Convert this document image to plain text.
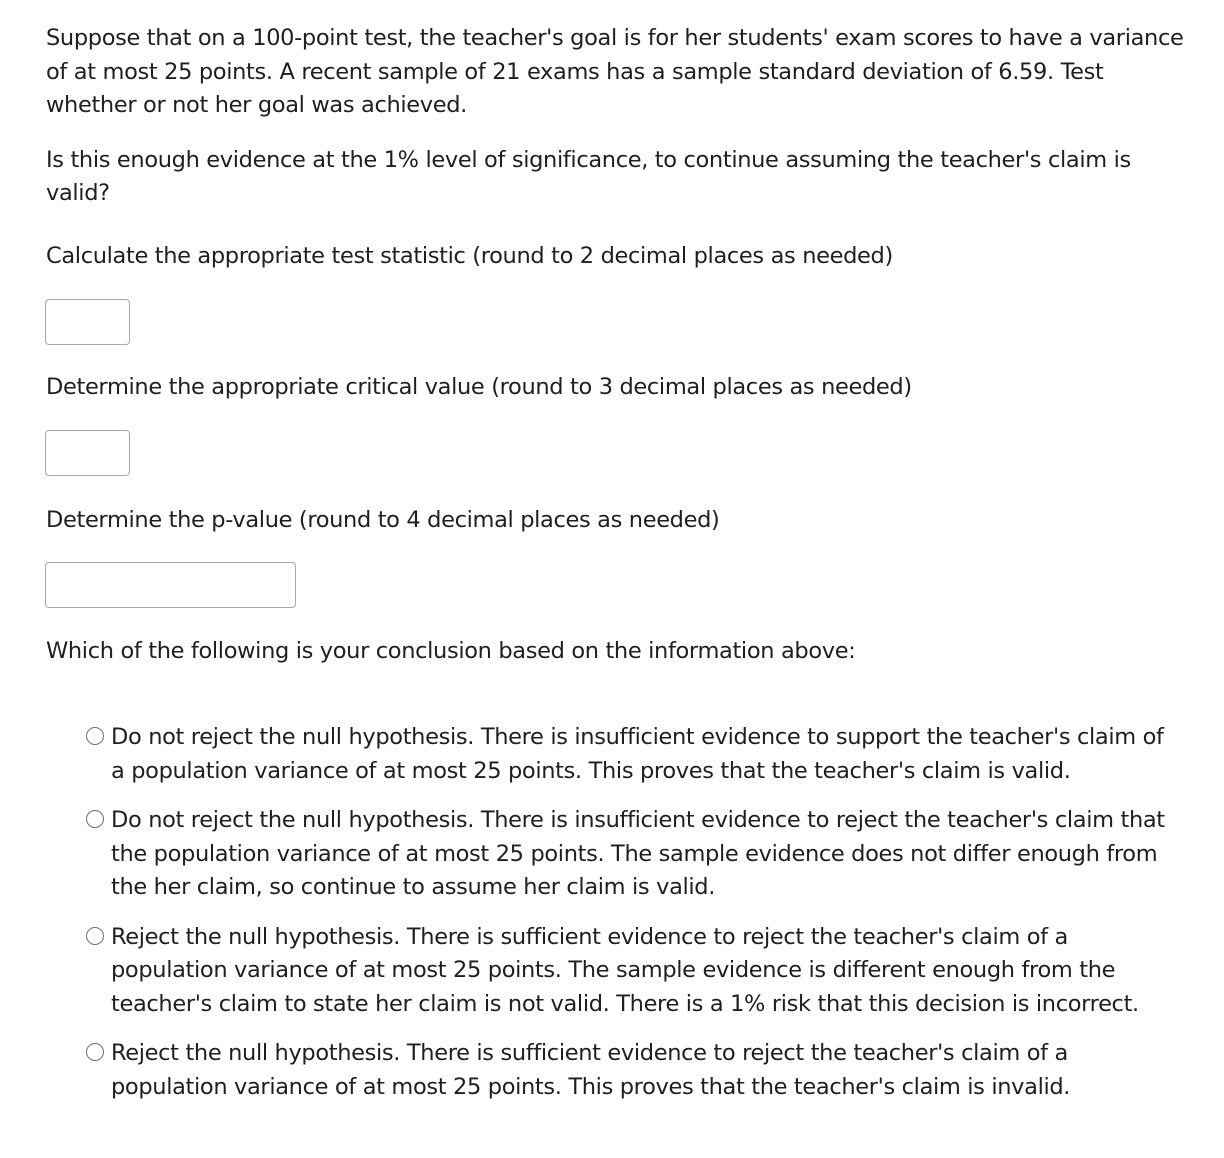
Suppose that on a 100-point test, the teacher's goal is for her students' exam scores to have a variance of at most 25 points. A recent sample of 21 exams has a sample standard deviation of 6.59. Test whether or not her goal was achieved.

Is this enough evidence at the 1% level of significance, to continue assuming the teacher's claim is valid?

Calculate the appropriate test statistic (round to 2 decimal places as needed)

Determine the appropriate critical value (round to 3 decimal places as needed)

Determine the p-value (round to 4 decimal places as needed)

Which of the following is your conclusion based on the information above:

Do not reject the null hypothesis. There is insufficient evidence to support the teacher's claim of a population variance of at most 25 points. This proves that the teacher's claim is valid.
Do not reject the null hypothesis. There is insufficient evidence to reject the teacher's claim that the population variance of at most 25 points. The sample evidence does not differ enough from the her claim, so continue to assume her claim is valid.
Reject the null hypothesis. There is sufficient evidence to reject the teacher's claim of a population variance of at most 25 points. The sample evidence is different enough from the teacher's claim to state her claim is not valid. There is a 1% risk that this decision is incorrect.
Reject the null hypothesis. There is sufficient evidence to reject the teacher's claim of a population variance of at most 25 points. This proves that the teacher's claim is invalid.
